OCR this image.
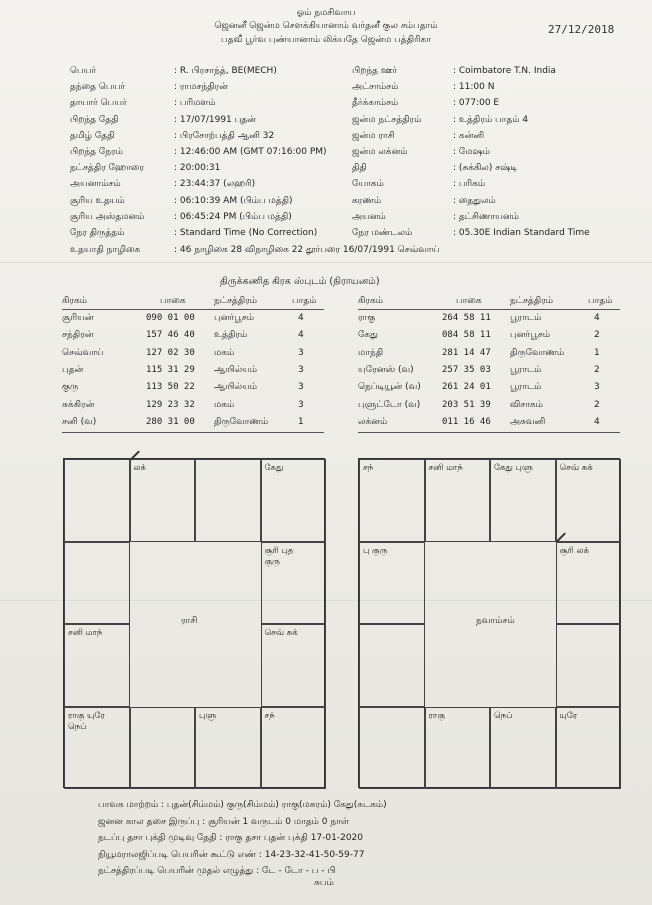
ஓம் நமசிவாய
ஜெனனீ ஜென்ம சௌக்கியானாம் வர்தனீ குல சம்பதாம்
பதவீ பூர்வ புண்யானாம் லிக்யதே ஜென்ம பத்திரிகா
27/12/2018
பெயர்	: R. பிரசாந்த், BE(MECH)	பிறந்த ஊர்	: Coimbatore T.N. India
தந்தை பெயர்	: ராமசந்திரன்	அட்சாம்சம்	: 11:00 N
தாயார் பெயர்	: பரிமளம்	தீர்க்காம்சம்	: 077:00 E
பிறந்த தேதி	: 17/07/1991 புதன்	ஜன்ம நட்சத்திரம்	: உத்திரம் பாதம் 4
தமிழ் தேதி	: பிரசோற்பத்தி ஆனி 32	ஜன்ம ராசி	: கன்னி
பிறந்த நேரம்	: 12:46:00 AM (GMT 07:16:00 PM)	ஜன்ம லக்னம்	: மேஷம்
நட்சத்திர ஹோரை	: 20:00:31	திதி	: (சுக்கில) சஷ்டி
அயனாம்சம்	: 23:44:37 (லஹரி)	யோகம்	: பரிகம்
சூரிய உதயம்	: 06:10:39 AM (பிம்ப மத்தி)	கரணம்	: தைதுலம்
சூரிய அஸ்தமனம்	: 06:45:24 PM (பிம்ப மத்தி)	அயனம்	: தட்சிணாயனம்
நேர திருத்தம்	: Standard Time (No Correction)	நேர மண்டலம்	: 05.30E Indian Standard Time
உதயாதி நாழிகை	: 46 நாழிகை 28 விநாழிகை 22 தூர்பரை 16/07/1991 செவ்வாய்
திருக்கணித கிரக ஸ்புடம் (நிராயனம்)
கிரகம்	பாகை	நட்சத்திரம்	பாதம்
சூரியன்	090 01 00 புனர்பூசம்	4
சந்திரன்	157 46 40 உத்திரம்	4
செவ்வாய்	127 02 30 மகம்	3
புதன்	115 31 29 ஆயில்யம்	3
குரு	113 50 22 ஆயில்யம்	3
சுக்கிரன்	129 23 32 மகம்	3
சனி (வ)	280 31 00 திருவோணம்	1
கிரகம்	பாகை	நட்சத்திரம்	பாதம்
ராகு	264 58 11 பூராடம்	4
கேது	084 58 11 புனர்பூசம்	2
மாந்தி	281 14 47 திருவோணம்	1
யுரேனஸ் (வ)	257 35 03 பூராடம்	2
நெப்டியூன் (வ) 261 24 01 பூராடம்	3
புளுட்டோ (வ) 203 51 39 விசாகம்	2
லக்னம்	011 16 46 அசுவனி	4
லக்	கேது
சூரி புத
குரு
சனி மாந்	செவ் சுக்
ராகு யுரே
நெப்
புளு	சந்
ராசி
சந்	சனி மாந்	கேது புளு	செவ் சுக்
பு குரு	சூரி லக்
ராகு	நெப்	யுரே
நவாம்சம்
பாவக மாற்றம் : புதன்(சிம்மம்) குரு(சிம்மம்) ராகு(மகரம்) கேது(கடகம்)
ஜனன கால தசை இருப்பு : சூரியன் 1 வருடம் 0 மாதம் 0 நாள்
நடப்பு தசா புக்தி முடிவு தேதி : ராகு தசா புதன் புக்தி 17-01-2020
நியூமராலஜிப்படி பெயரின் கூட்டு எண் : 14-23-32-41-50-59-77
நட்சத்திரப்படி பெயரின் முதல் எழுத்து : டே - டோ - ப - பி
சுபம்
